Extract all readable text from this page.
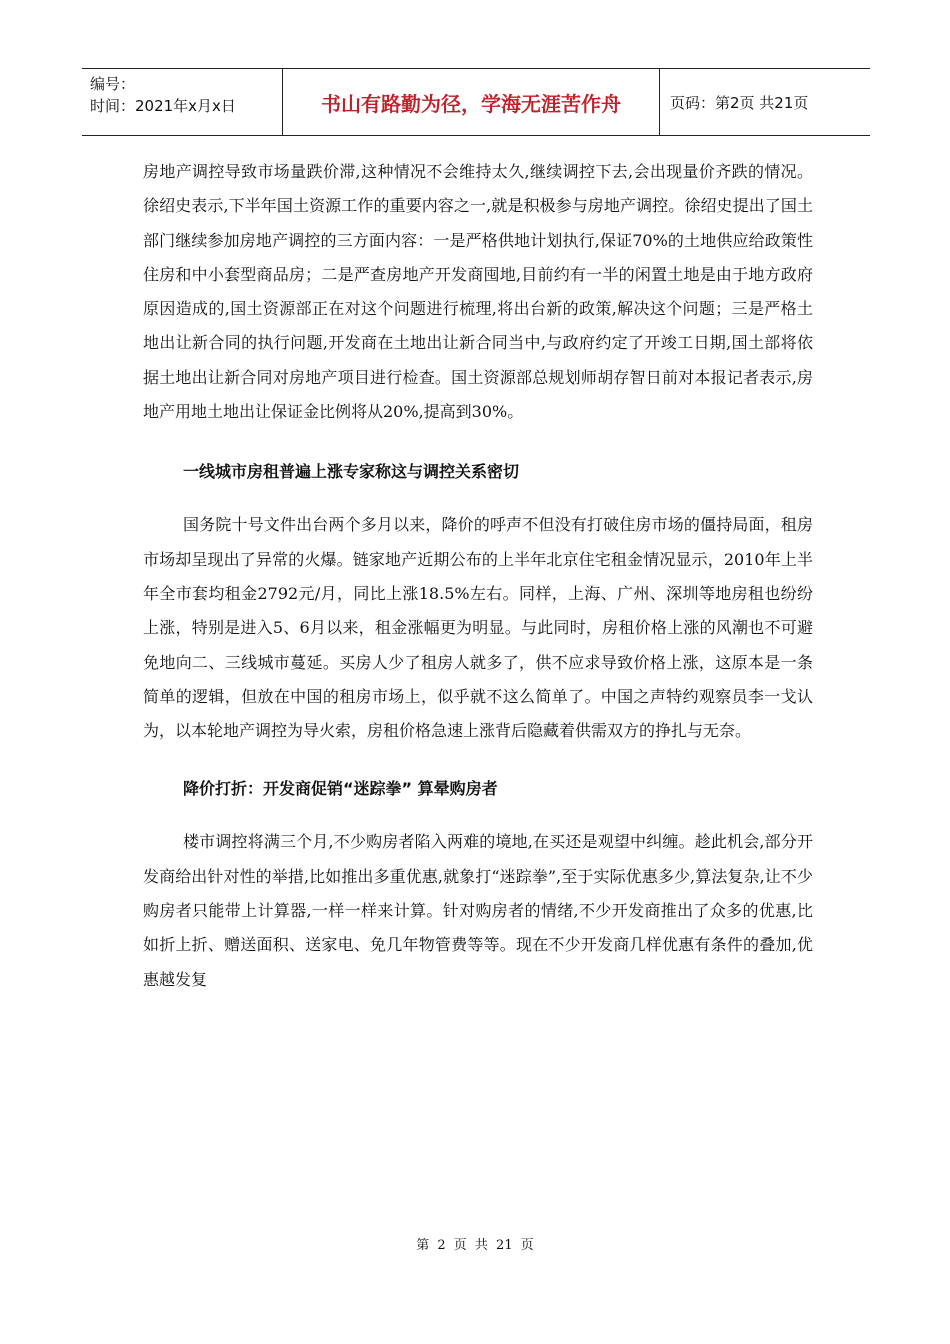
编号：
时间：2021年x月x日	书山有路勤为径，学海无涯苦作舟	页码：第2页 共21页

房地产调控导致市场量跌价滞,这种情况不会维持太久,继续调控下去,会出现量价齐跌的情况。徐绍史表示,下半年国土资源工作的重要内容之一,就是积极参与房地产调控。徐绍史提出了国土部门继续参加房地产调控的三方面内容：一是严格供地计划执行,保证70%的土地供应给政策性住房和中小套型商品房；二是严查房地产开发商囤地,目前约有一半的闲置土地是由于地方政府原因造成的,国土资源部正在对这个问题进行梳理,将出台新的政策,解决这个问题；三是严格土地出让新合同的执行问题,开发商在土地出让新合同当中,与政府约定了开竣工日期,国土部将依据土地出让新合同对房地产项目进行检查。国土资源部总规划师胡存智日前对本报记者表示,房地产用地土地出让保证金比例将从20%,提高到30%。

一线城市房租普遍上涨专家称这与调控关系密切

国务院十号文件出台两个多月以来，降价的呼声不但没有打破住房市场的僵持局面，租房市场却呈现出了异常的火爆。链家地产近期公布的上半年北京住宅租金情况显示，2010年上半年全市套均租金2792元/月，同比上涨18.5%左右。同样，上海、广州、深圳等地房租也纷纷上涨，特别是进入5、6月以来，租金涨幅更为明显。与此同时，房租价格上涨的风潮也不可避免地向二、三线城市蔓延。买房人少了租房人就多了，供不应求导致价格上涨，这原本是一条简单的逻辑，但放在中国的租房市场上，似乎就不这么简单了。中国之声特约观察员李一戈认为，以本轮地产调控为导火索，房租价格急速上涨背后隐藏着供需双方的挣扎与无奈。

降价打折：开发商促销“迷踪拳” 算晕购房者

楼市调控将满三个月,不少购房者陷入两难的境地,在买还是观望中纠缠。趁此机会,部分开发商给出针对性的举措,比如推出多重优惠,就象打“迷踪拳”,至于实际优惠多少,算法复杂,让不少购房者只能带上计算器,一样一样来计算。针对购房者的情绪,不少开发商推出了众多的优惠,比如折上折、赠送面积、送家电、免几年物管费等等。现在不少开发商几样优惠有条件的叠加,优惠越发复

第 2 页 共 21 页
